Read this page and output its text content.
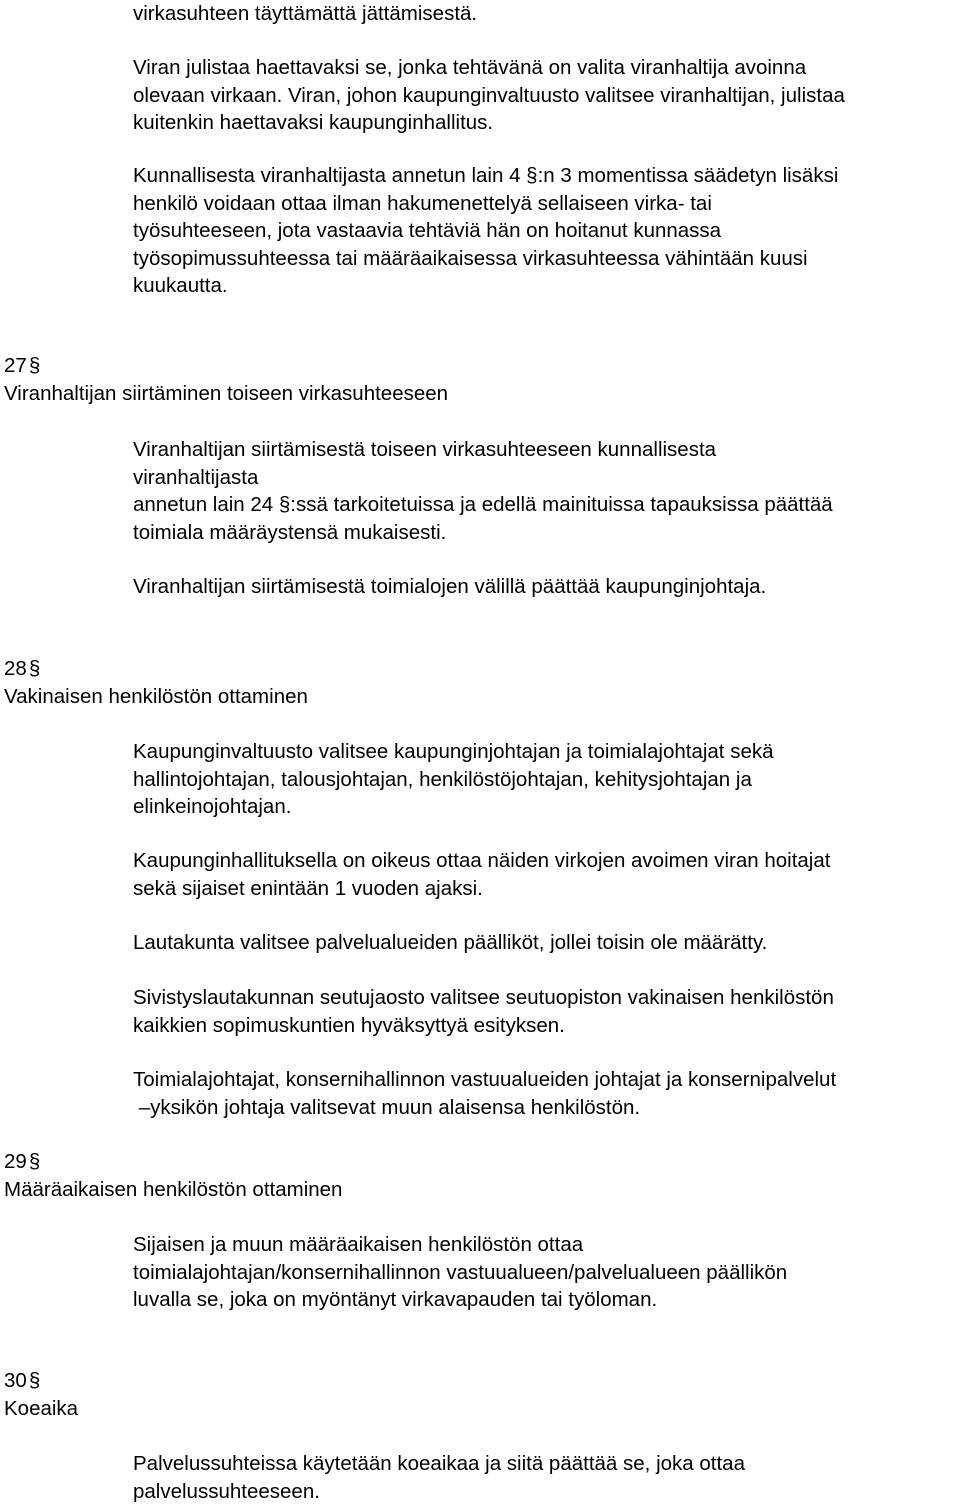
virkasuhteen täyttämättä jättämisestä.
Viran julistaa haettavaksi se, jonka tehtävänä on valita viranhaltija avoinna
olevaan virkaan. Viran, johon kaupunginvaltuusto valitsee viranhaltijan, julistaa
kuitenkin haettavaksi kaupunginhallitus.
Kunnallisesta viranhaltijasta annetun lain 4 §:n 3 momentissa säädetyn lisäksi
henkilö voidaan ottaa ilman hakumenettelyä sellaiseen virka- tai
työsuhteeseen, jota vastaavia tehtäviä hän on hoitanut kunnassa
työsopimussuhteessa tai määräaikaisessa virkasuhteessa vähintään kuusi
kuukautta.
27§
Viranhaltijan siirtäminen toiseen virkasuhteeseen
Viranhaltijan siirtämisestä toiseen virkasuhteeseen kunnallisesta
viranhaltijasta
annetun lain 24 §:ssä tarkoitetuissa ja edellä mainituissa tapauksissa päättää
toimiala määräystensä mukaisesti.
Viranhaltijan siirtämisestä toimialojen välillä päättää kaupunginjohtaja.
28§
Vakinaisen henkilöstön ottaminen
Kaupunginvaltuusto valitsee kaupunginjohtajan ja toimialajohtajat sekä
hallintojohtajan, talousjohtajan, henkilöstöjohtajan, kehitysjohtajan ja
elinkeinojohtajan.
Kaupunginhallituksella on oikeus ottaa näiden virkojen avoimen viran hoitajat
sekä sijaiset enintään 1 vuoden ajaksi.
Lautakunta valitsee palvelualueiden päälliköt, jollei toisin ole määrätty.
Sivistyslautakunnan seutujaosto valitsee seutuopiston vakinaisen henkilöstön
kaikkien sopimuskuntien hyväksyttyä esityksen.
Toimialajohtajat, konsernihallinnon vastuualueiden johtajat ja konsernipalvelut
–yksikön johtaja valitsevat muun alaisensa henkilöstön.
29§
Määräaikaisen henkilöstön ottaminen
Sijaisen ja muun määräaikaisen henkilöstön ottaa
toimialajohtajan/konsernihallinnon vastuualueen/palvelualueen päällikön
luvalla se, joka on myöntänyt virkavapauden tai työloman.
30§
Koeaika
Palvelussuhteissa käytetään koeaikaa ja siitä päättää se, joka ottaa
palvelussuhteeseen.
